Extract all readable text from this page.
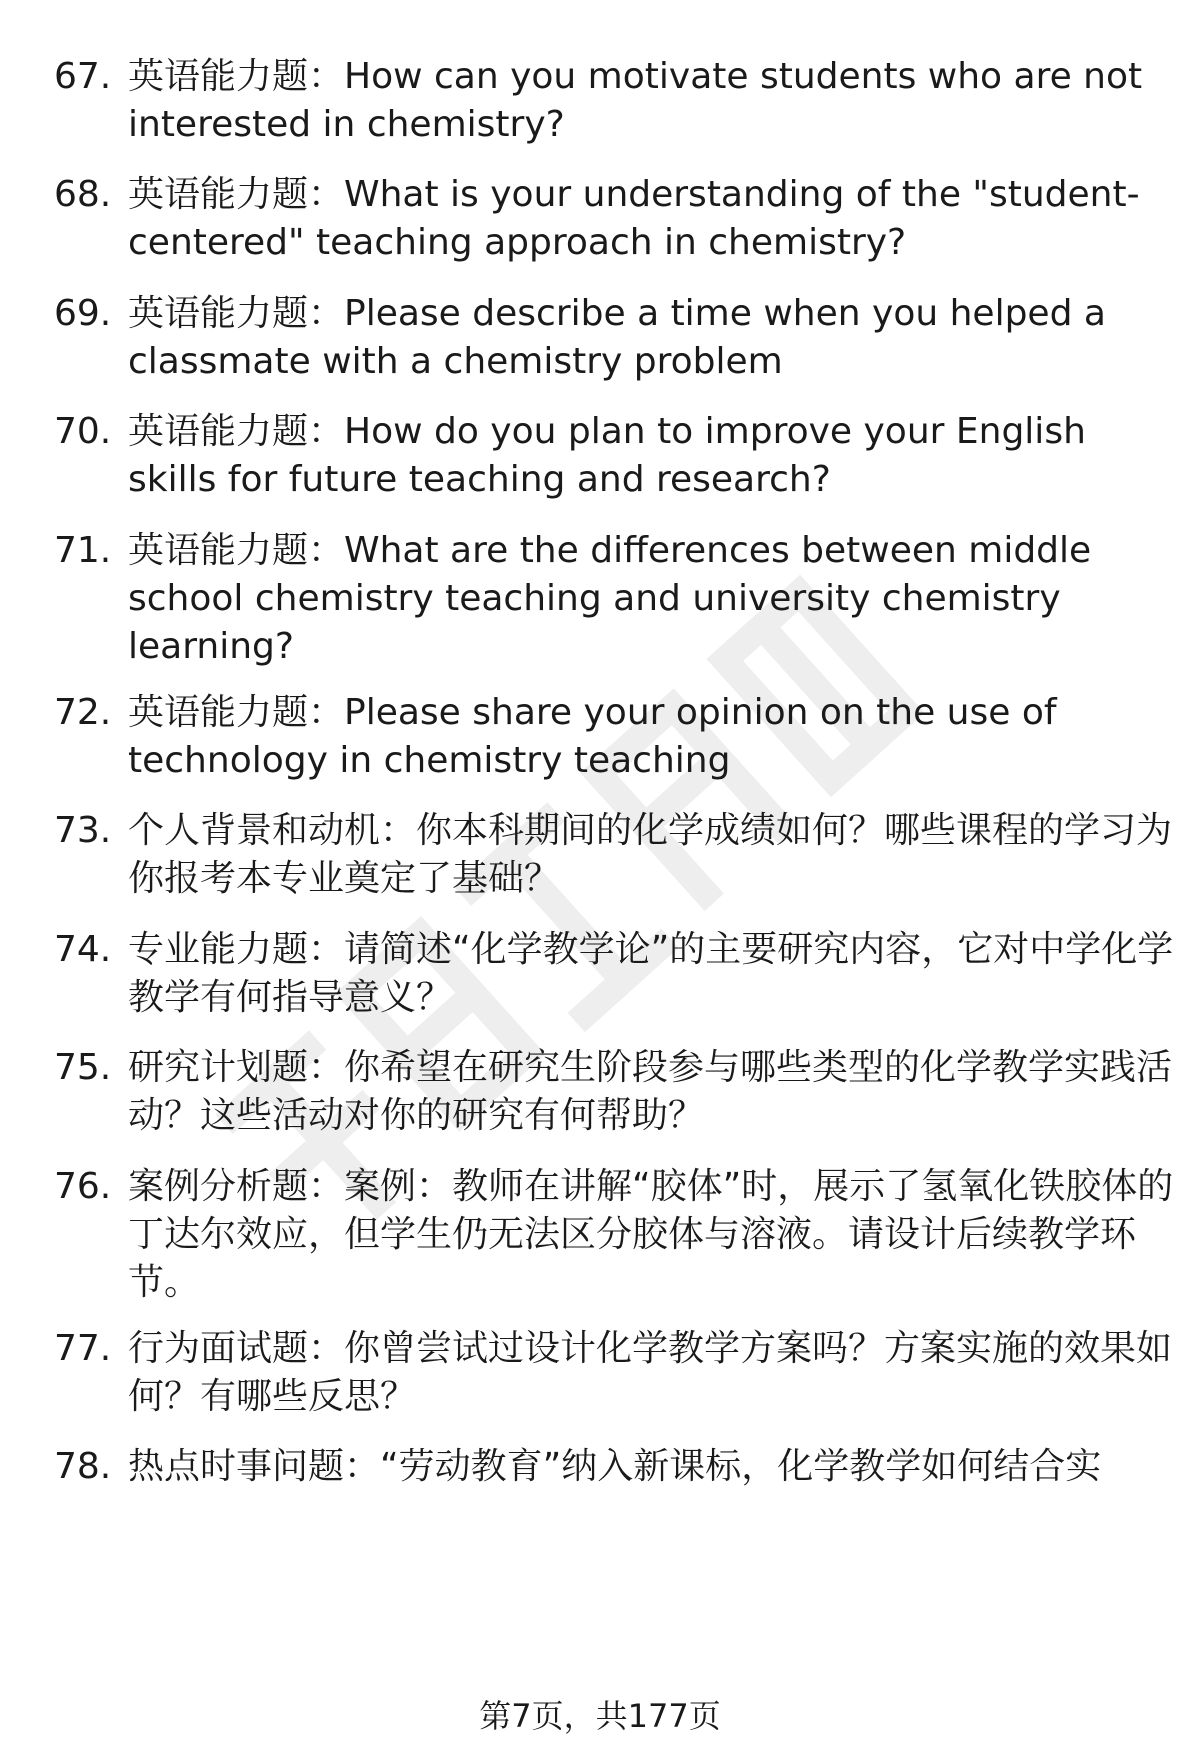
67. 英语能力题：How can you motivate students who are not interested in chemistry?
68. 英语能力题：What is your understanding of the "student-centered" teaching approach in chemistry?
69. 英语能力题：Please describe a time when you helped a classmate with a chemistry problem
70. 英语能力题：How do you plan to improve your English skills for future teaching and research?
71. 英语能力题：What are the differences between middle school chemistry teaching and university chemistry learning?
72. 英语能力题：Please share your opinion on the use of technology in chemistry teaching
73. 个人背景和动机：你本科期间的化学成绩如何？哪些课程的学习为你报考本专业奠定了基础？
74. 专业能力题：请简述“化学教学论”的主要研究内容，它对中学化学教学有何指导意义？
75. 研究计划题：你希望在研究生阶段参与哪些类型的化学教学实践活动？这些活动对你的研究有何帮助？
76. 案例分析题：案例：教师在讲解“胶体”时，展示了氢氧化铁胶体的丁达尔效应，但学生仍无法区分胶体与溶液。请设计后续教学环节。
77. 行为面试题：你曾尝试过设计化学教学方案吗？方案实施的效果如何？有哪些反思？
78. 热点时事问题：“劳动教育”纳入新课标，化学教学如何结合实
第7页，共177页
